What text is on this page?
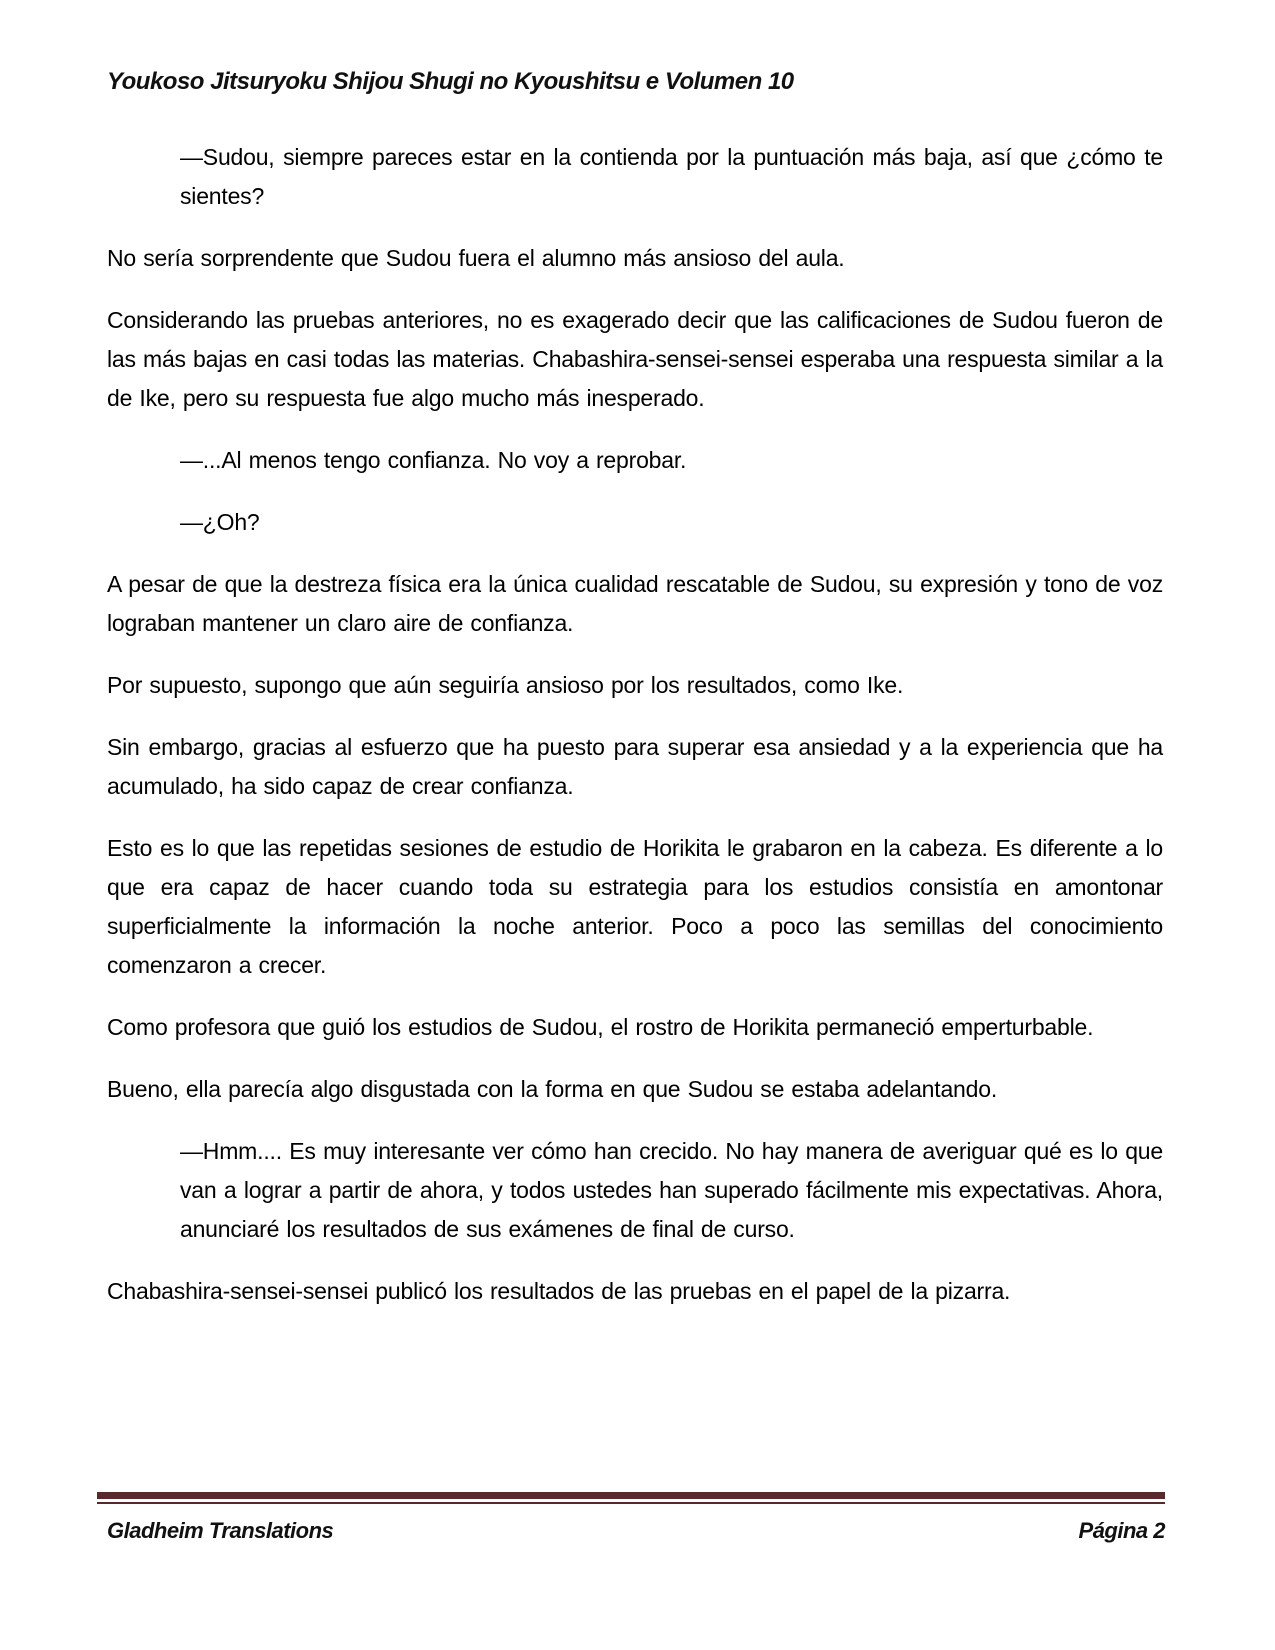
Youkoso Jitsuryoku Shijou Shugi no Kyoushitsu e Volumen 10

—Sudou, siempre pareces estar en la contienda por la puntuación más baja, así que ¿cómo te sientes?

No sería sorprendente que Sudou fuera el alumno más ansioso del aula.

Considerando las pruebas anteriores, no es exagerado decir que las calificaciones de Sudou fueron de las más bajas en casi todas las materias. Chabashira-sensei-sensei esperaba una respuesta similar a la de Ike, pero su respuesta fue algo mucho más inesperado.

—...Al menos tengo confianza. No voy a reprobar.

—¿Oh?

A pesar de que la destreza física era la única cualidad rescatable de Sudou, su expresión y tono de voz lograban mantener un claro aire de confianza.

Por supuesto, supongo que aún seguiría ansioso por los resultados, como Ike.

Sin embargo, gracias al esfuerzo que ha puesto para superar esa ansiedad y a la experiencia que ha acumulado, ha sido capaz de crear confianza.

Esto es lo que las repetidas sesiones de estudio de Horikita le grabaron en la cabeza. Es diferente a lo que era capaz de hacer cuando toda su estrategia para los estudios consistía en amontonar superficialmente la información la noche anterior. Poco a poco las semillas del conocimiento comenzaron a crecer.

Como profesora que guió los estudios de Sudou, el rostro de Horikita permaneció emperturbable.

Bueno, ella parecía algo disgustada con la forma en que Sudou se estaba adelantando.

—Hmm.... Es muy interesante ver cómo han crecido. No hay manera de averiguar qué es lo que van a lograr a partir de ahora, y todos ustedes han superado fácilmente mis expectativas. Ahora, anunciaré los resultados de sus exámenes de final de curso.

Chabashira-sensei-sensei publicó los resultados de las pruebas en el papel de la pizarra.

Gladheim Translations	Página 2
